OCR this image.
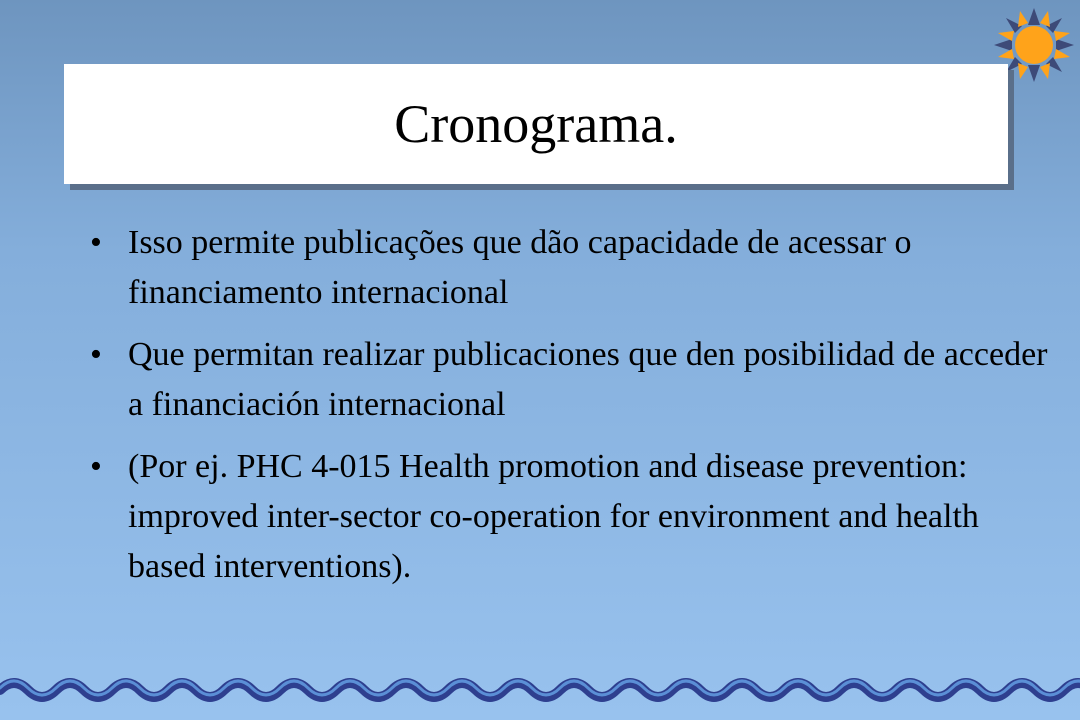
Cronograma.
• Isso permite publicações que dão capacidade de acessar o financiamento internacional
• Que permitan realizar publicaciones que den posibilidad de acceder a financiación internacional
• (Por ej. PHC 4-015 Health promotion and disease prevention: improved inter-sector co-operation for environment and health based interventions).
